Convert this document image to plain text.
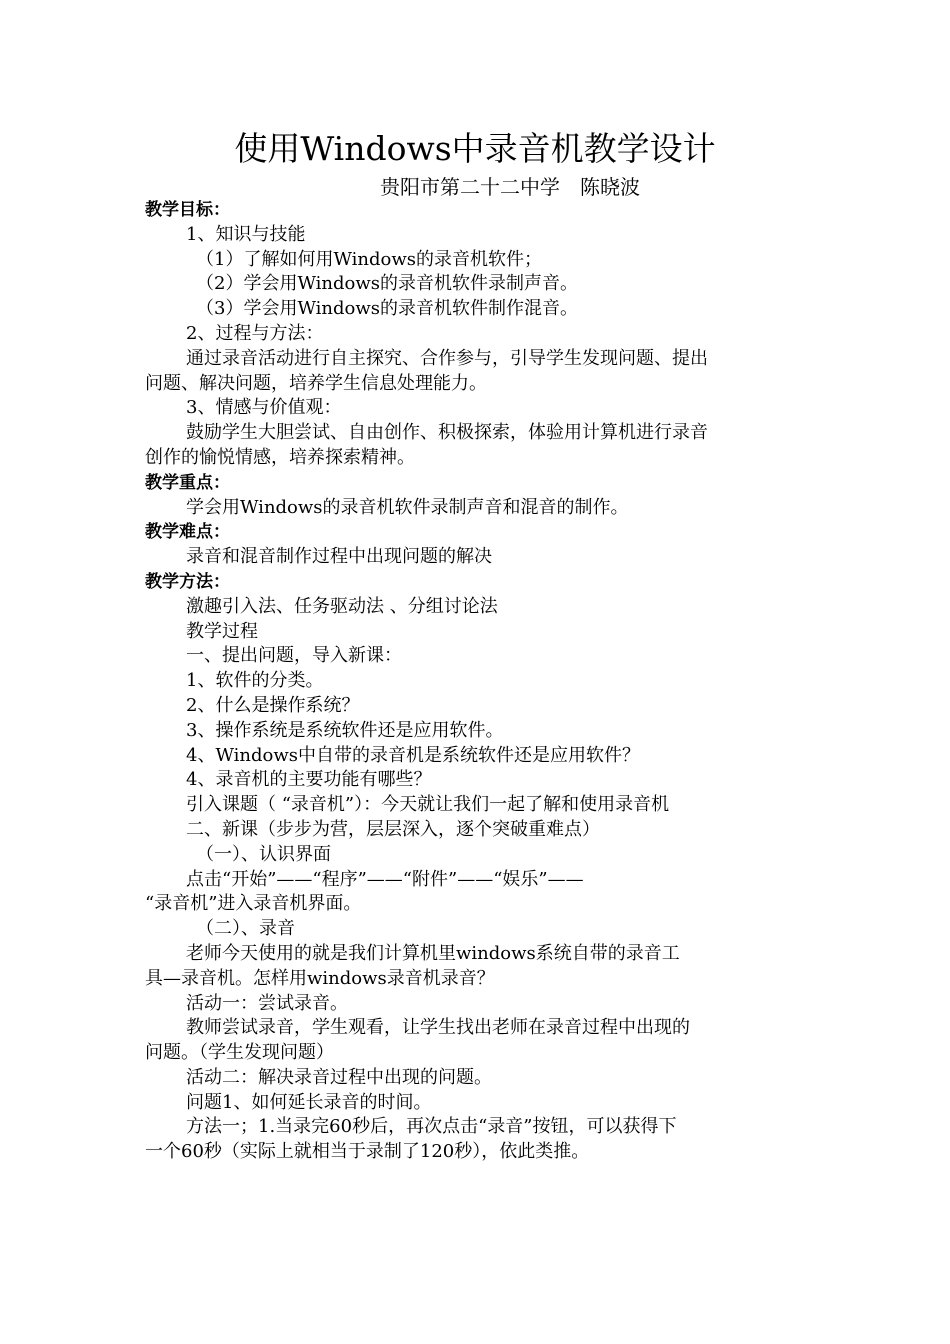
使用Windows中录音机教学设计
贵阳市第二十二中学　陈晓波
教学目标：
1、知识与技能
（1）了解如何用Windows的录音机软件；
（2）学会用Windows的录音机软件录制声音。
（3）学会用Windows的录音机软件制作混音。
2、过程与方法：
通过录音活动进行自主探究、合作参与，引导学生发现问题、提出
问题、解决问题，培养学生信息处理能力。
3、情感与价值观：
鼓励学生大胆尝试、自由创作、积极探索，体验用计算机进行录音
创作的愉悦情感，培养探索精神。
教学重点：
学会用Windows的录音机软件录制声音和混音的制作。
教学难点：
录音和混音制作过程中出现问题的解决
教学方法：
激趣引入法、任务驱动法 、分组讨论法
教学过程
一、提出问题，导入新课：
1、软件的分类。
2、什么是操作系统？
3、操作系统是系统软件还是应用软件。
4、Windows中自带的录音机是系统软件还是应用软件？
4、录音机的主要功能有哪些？
引入课题（ “录音机”）：今天就让我们一起了解和使用录音机
二、新课（步步为营，层层深入，逐个突破重难点）
（一）、认识界面
点击“开始”——“程序”——“附件”——“娱乐”——
“录音机”进入录音机界面。
（二）、录音
老师今天使用的就是我们计算机里windows系统自带的录音工
具—录音机。怎样用windows录音机录音？
活动一：尝试录音。
教师尝试录音，学生观看，让学生找出老师在录音过程中出现的
问题。（学生发现问题）
活动二：解决录音过程中出现的问题。
问题1、如何延长录音的时间。
方法一；1.当录完60秒后，再次点击“录音”按钮，可以获得下
一个60秒（实际上就相当于录制了120秒），依此类推。
